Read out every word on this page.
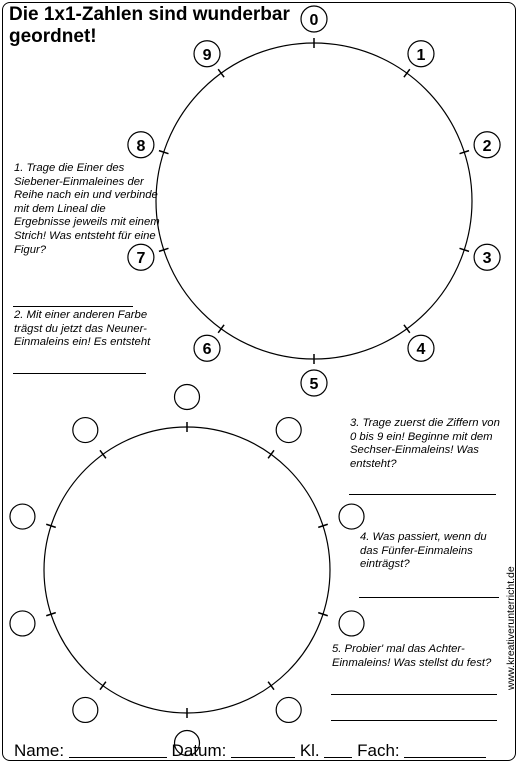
Die 1x1-Zahlen sind wunderbar geordnet!
0
1
2
3
4
5
6
7
8
9

1. Trage die Einer des Siebener-Einmaleines der Reihe nach ein und verbinde mit dem Lineal die Ergebnisse jeweils mit einem Strich! Was entsteht für eine Figur?

2. Mit einer anderen Farbe trägst du jetzt das Neuner-Einmaleins ein! Es entsteht

3. Trage zuerst die Ziffern von 0 bis 9 ein! Beginne mit dem Sechser-Einmaleins! Was entsteht?

4. Was passiert, wenn du das Fünfer-Einmaleins einträgst?

5. Probier' mal das Achter-Einmaleins! Was stellst du fest?

Name:	Datum:	Kl. Fach:
www.kreativerunterricht.de
